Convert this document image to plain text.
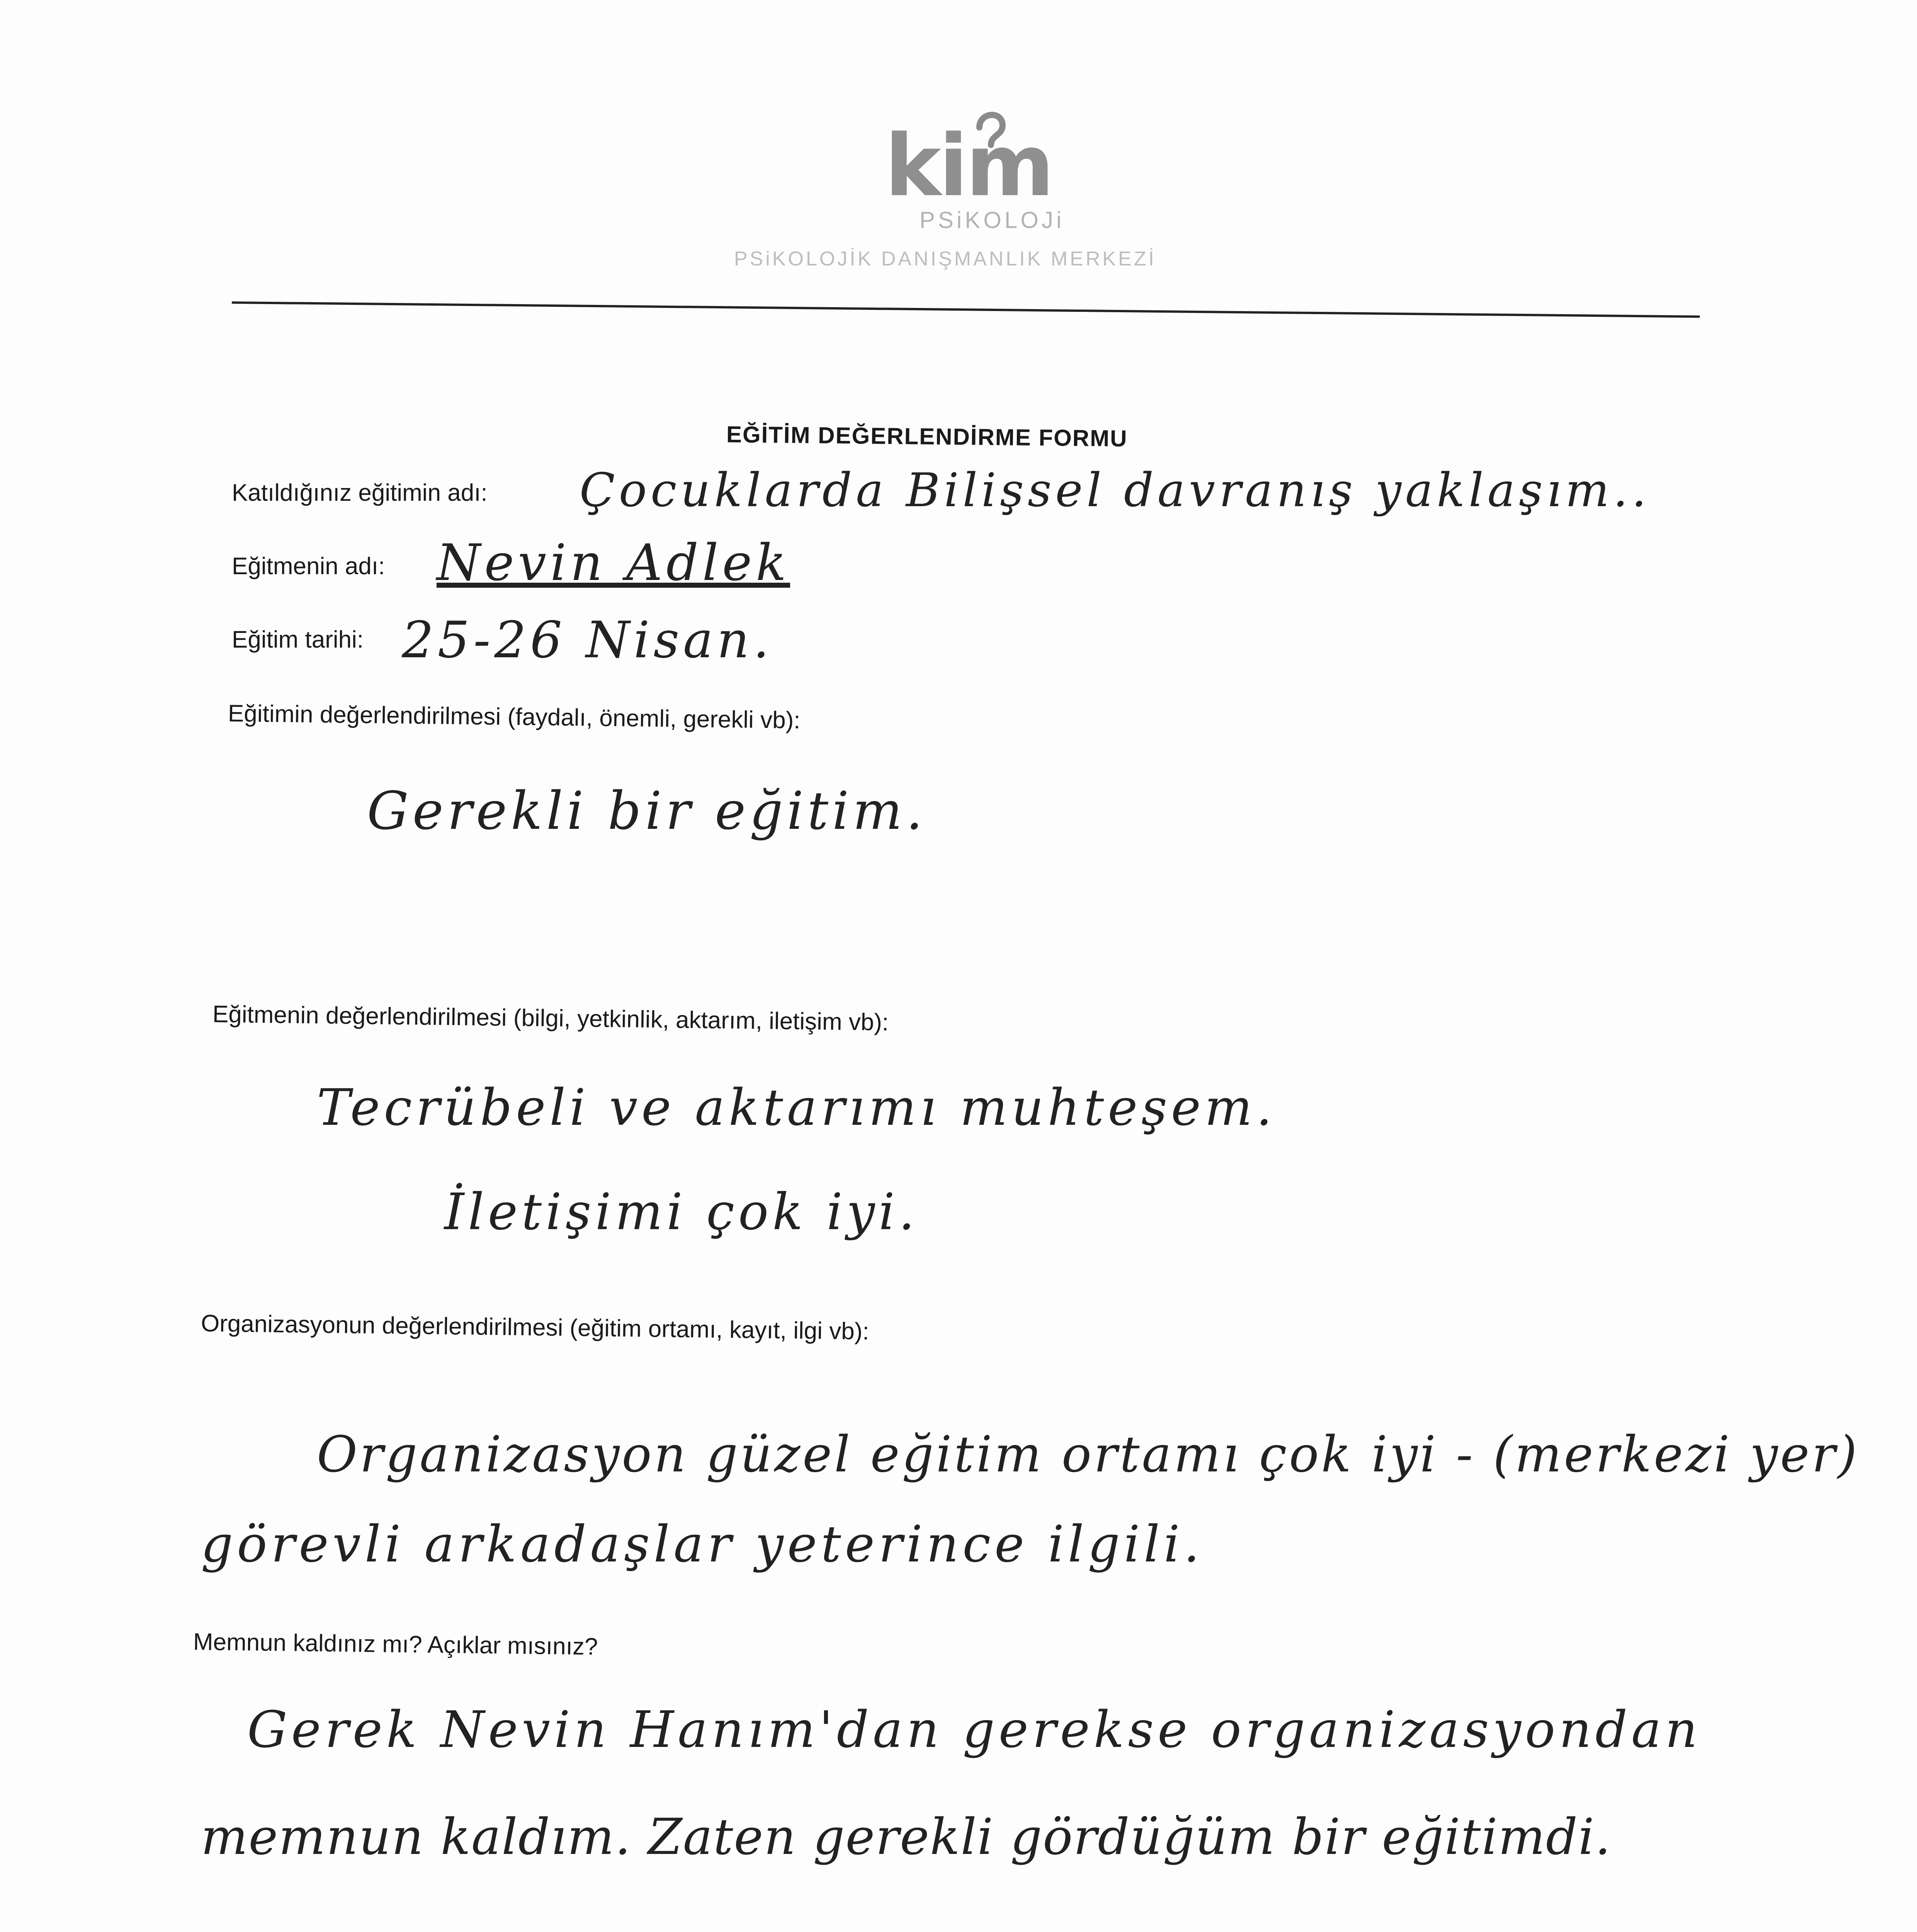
kim
PSiKOLOJi
PSiKOLOJİK DANIŞMANLIK MERKEZİ
EĞİTİM DEĞERLENDİRME FORMU
Katıldığınız eğitimin adı: Çocuklarda Bilişsel davranış yaklaşım..
Eğitmenin adı: Nevin Adlek
Eğitim tarihi: 25-26 Nisan.
Eğitimin değerlendirilmesi (faydalı, önemli, gerekli vb):
Gerekli bir eğitim.
Eğitmenin değerlendirilmesi (bilgi, yetkinlik, aktarım, iletişim vb):
Tecrübeli ve aktarımı muhteşem.
İletişimi çok iyi.
Organizasyonun değerlendirilmesi (eğitim ortamı, kayıt, ilgi vb):
Organizasyon güzel eğitim ortamı çok iyi - (merkezi yer)
görevli arkadaşlar yeterince ilgili.
Memnun kaldınız mı? Açıklar mısınız?
Gerek Nevin Hanım'dan gerekse organizasyondan
memnun kaldım. Zaten gerekli gördüğüm bir eğitimdi.
